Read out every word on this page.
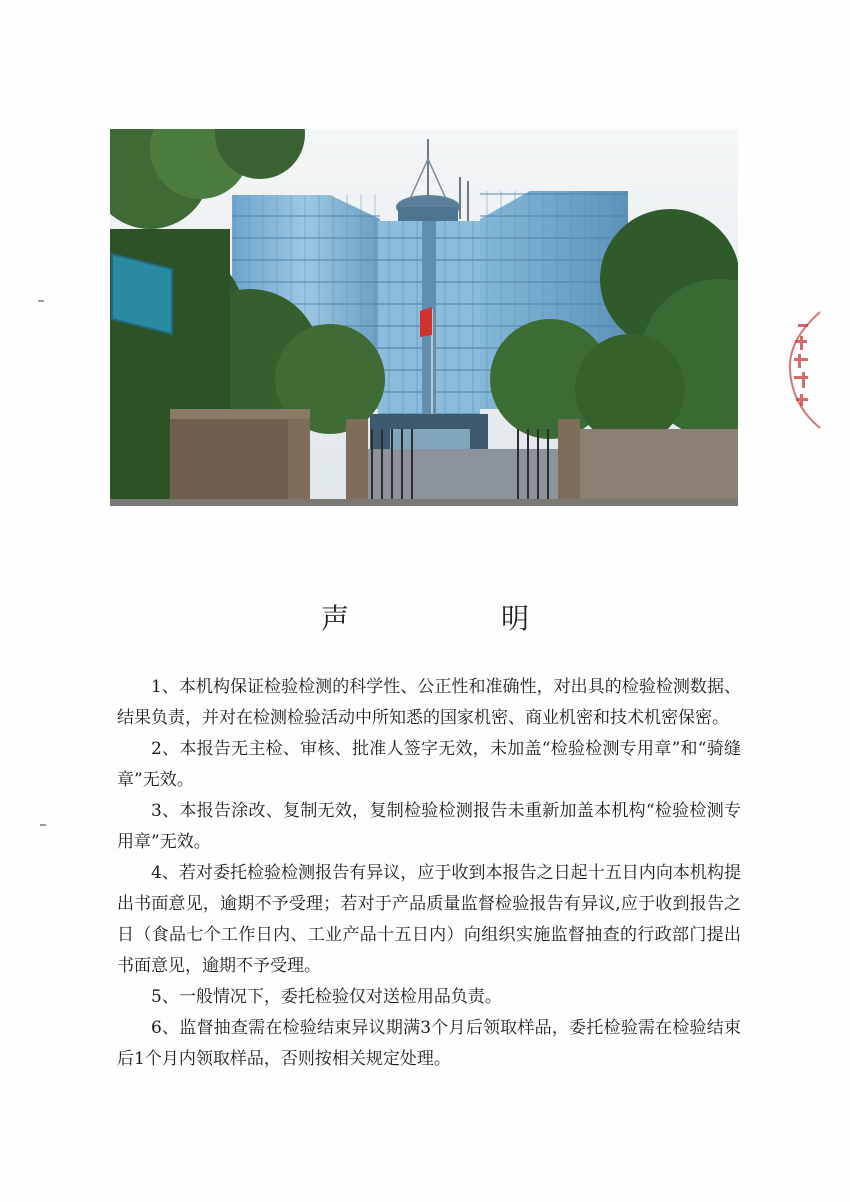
声　明

1、本机构保证检验检测的科学性、公正性和准确性，对出具的检验检测数据、结果负责，并对在检测检验活动中所知悉的国家机密、商业机密和技术机密保密。

2、本报告无主检、审核、批准人签字无效，未加盖“检验检测专用章”和“骑缝章”无效。

3、本报告涂改、复制无效，复制检验检测报告未重新加盖本机构“检验检测专用章”无效。

4、若对委托检验检测报告有异议，应于收到本报告之日起十五日内向本机构提出书面意见，逾期不予受理；若对于产品质量监督检验报告有异议,应于收到报告之日（食品七个工作日内、工业产品十五日内）向组织实施监督抽查的行政部门提出书面意见，逾期不予受理。

5、一般情况下，委托检验仅对送检用品负责。

6、监督抽查需在检验结束异议期满3个月后领取样品，委托检验需在检验结束后1个月内领取样品，否则按相关规定处理。
